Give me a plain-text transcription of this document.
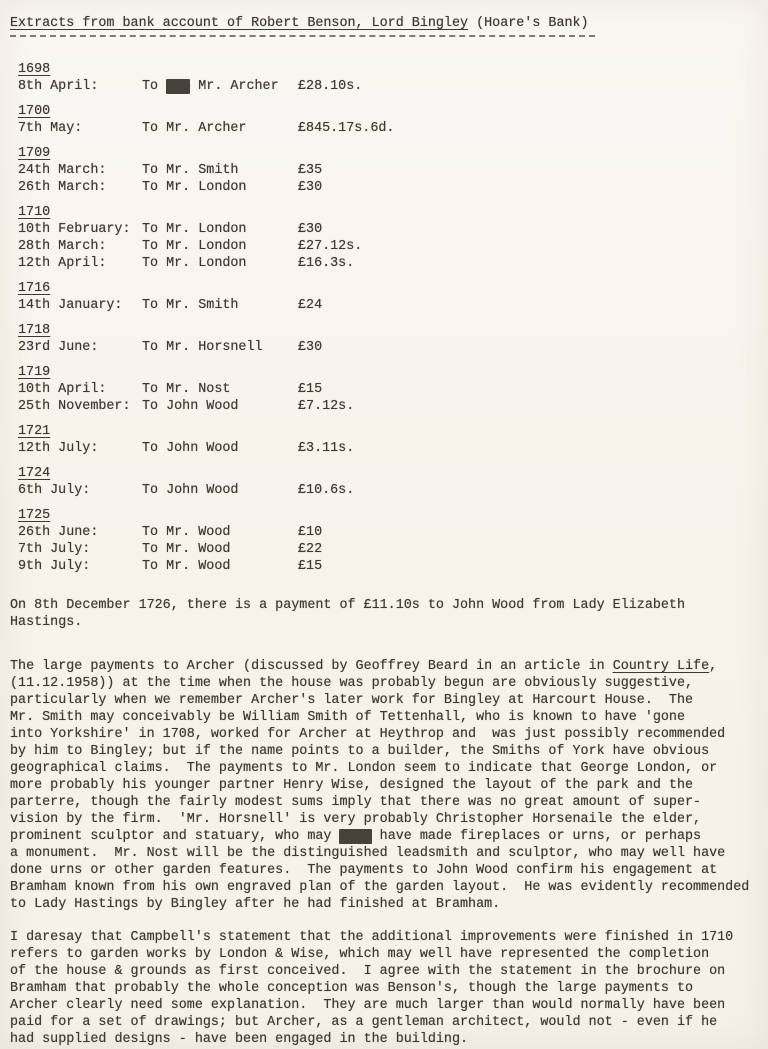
Extracts from bank account of Robert Benson, Lord Bingley (Hoare's Bank)
1698
8th April:	To Mum Mr. Archer £28.10s.
1700
7th May:	To Mr. Archer	£845.17s.6d.
1709
24th March:	To Mr. Smith	£35
26th March:	To Mr. London	£30
1710
10th February: To Mr. London	£30
28th March:	To Mr. London	£27.12s.
12th April:	To Mr. London	£16.3s.
1716
14th January: To Mr. Smith	£24
1718
23rd June:	To Mr. Horsnell	£30
1719
10th April:	To Mr. Nost	£15
25th November: To John Wood	£7.12s.
1721
12th July:	To John Wood	£3.11s.
1724
6th July:	To John Wood	£10.6s.
1725
26th June:	To Mr. Wood	£10
7th July:	To Mr. Wood	£22
9th July:	To Mr. Wood	£15

On 8th December 1726, there is a payment of £11.10s to John Wood from Lady Elizabeth
Hastings.

The large payments to Archer (discussed by Geoffrey Beard in an article in Country Life,
(11.12.1958)) at the time when the house was probably begun are obviously suggestive,
particularly when we remember Archer's later work for Bingley at Harcourt House.  The
Mr. Smith may conceivably be William Smith of Tettenhall, who is known to have 'gone
into Yorkshire' in 1708, worked for Archer at Heythrop and  was just possibly recommended
by him to Bingley; but if the name points to a builder, the Smiths of York have obvious
geographical claims.  The payments to Mr. London seem to indicate that George London, or
more probably his younger partner Henry Wise, designed the layout of the park and the
parterre, though the fairly modest sums imply that there was no great amount of super-
vision by the firm.  'Mr. Horsnell' is very probably Christopher Horsenaile the elder,
prominent sculptor and statuary, who may have have made fireplaces or urns, or perhaps
a monument.  Mr. Nost will be the distinguished leadsmith and sculptor, who may well have
done urns or other garden features.  The payments to John Wood confirm his engagement at
Bramham known from his own engraved plan of the garden layout.  He was evidently recommended
to Lady Hastings by Bingley after he had finished at Bramham.

I daresay that Campbell's statement that the additional improvements were finished in 1710
refers to garden works by London & Wise, which may well have represented the completion
of the house & grounds as first conceived.  I agree with the statement in the brochure on
Bramham that probably the whole conception was Benson's, though the large payments to
Archer clearly need some explanation.  They are much larger than would normally have been
paid for a set of drawings; but Archer, as a gentleman architect, would not - even if he
had supplied designs - have been engaged in the building.
